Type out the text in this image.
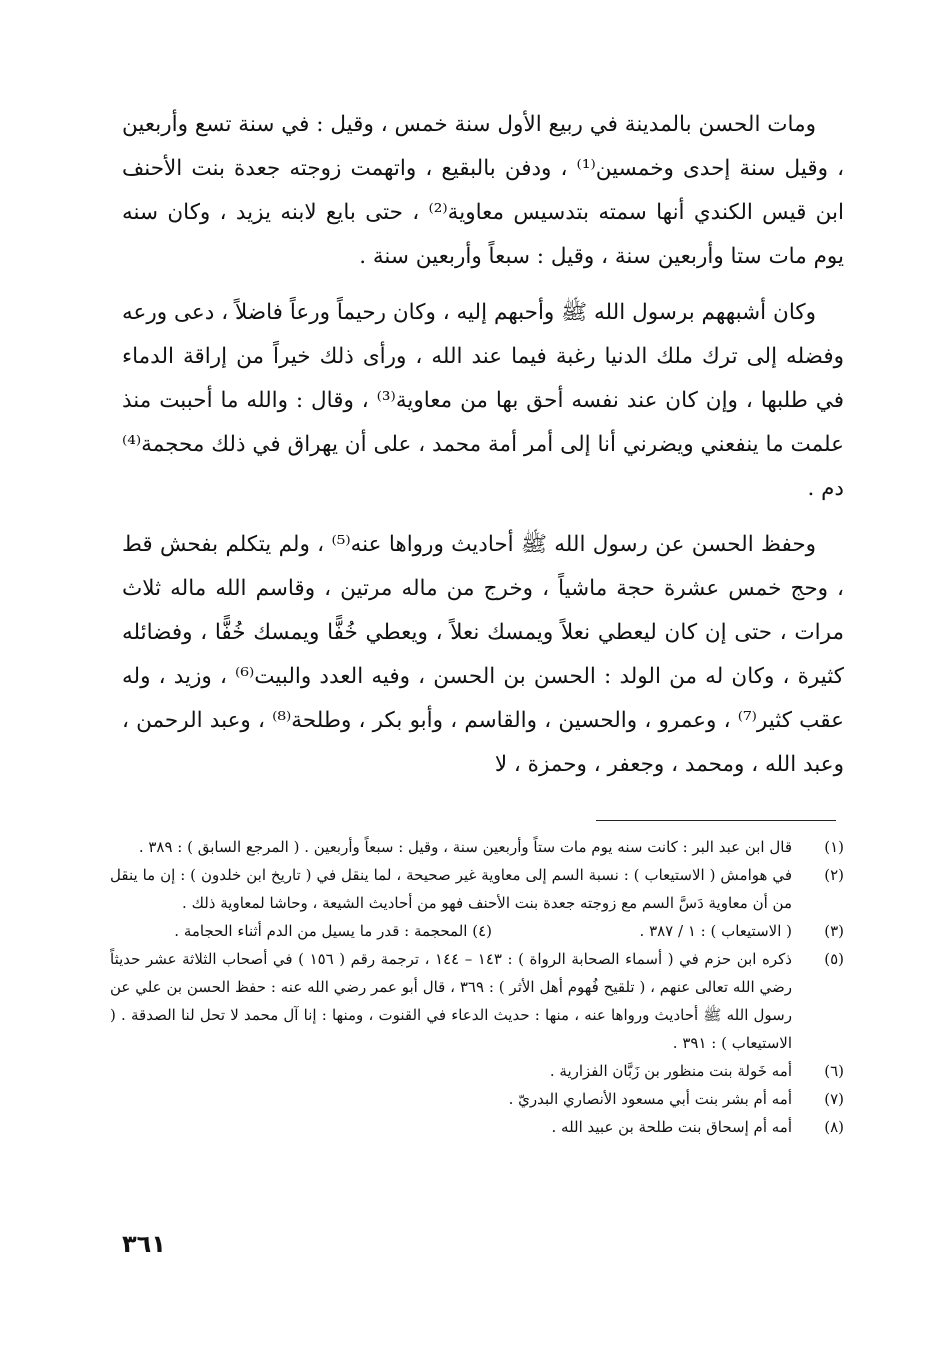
ومات الحسن بالمدينة في ربيع الأول سنة خمس ، وقيل : في سنة تسع وأربعين ، وقيل سنة إحدى وخمسين⁽¹⁾ ، ودفن بالبقيع ، واتهمت زوجته جعدة بنت الأحنف ابن قيس الكندي أنها سمته بتدسيس معاوية⁽²⁾ ، حتى بايع لابنه يزيد ، وكان سنه يوم مات ستا وأربعين سنة ، وقيل : سبعاً وأربعين سنة .

وكان أشبههم برسول الله ﷺ وأحبهم إليه ، وكان رحيماً ورعاً فاضلاً ، دعى ورعه وفضله إلى ترك ملك الدنيا رغبة فيما عند الله ، ورأى ذلك خيراً من إراقة الدماء في طلبها ، وإن كان عند نفسه أحق بها من معاوية⁽³⁾ ، وقال : والله ما أحببت منذ علمت ما ينفعني ويضرني أنا إلى أمر أمة محمد ، على أن يهراق في ذلك محجمة⁽⁴⁾ دم .

وحفظ الحسن عن رسول الله ﷺ أحاديث ورواها عنه⁽⁵⁾ ، ولم يتكلم بفحش قط ، وحج خمس عشرة حجة ماشياً ، وخرج من ماله مرتين ، وقاسم الله ماله ثلاث مرات ، حتى إن كان ليعطي نعلاً ويمسك نعلاً ، ويعطي خُفًّا ويمسك خُفًّا ، وفضائله كثيرة ، وكان له من الولد : الحسن بن الحسن ، وفيه العدد والبيت⁽⁶⁾ ، وزيد ، وله عقب كثير⁽⁷⁾ ، وعمرو ، والحسين ، والقاسم ، وأبو بكر ، وطلحة⁽⁸⁾ ، وعبد الرحمن ، وعبد الله ، ومحمد ، وجعفر ، وحمزة ، لا

(١)
قال ابن عبد البر : كانت سنه يوم مات ستاً وأربعين سنة ، وقيل : سبعاً وأربعين . ( المرجع السابق ) : ٣٨٩ .
(٢)
في هوامش ( الاستيعاب ) : نسبة السم إلى معاوية غير صحيحة ، لما ينقل في ( تاريخ ابن خلدون ) : إن ما ينقل من أن معاوية دَسَّ السم مع زوجته جعدة بنت الأحنف فهو من أحاديث الشيعة ، وحاشا لمعاوية ذلك .
(٣)
( الاستيعاب ) : ١ / ٣٨٧ .
(٤) المحجمة : قدر ما يسيل من الدم أثناء الحجامة .
(٥)
ذكره ابن حزم في ( أسماء الصحابة الرواة ) : ١٤٣ – ١٤٤ ، ترجمة رقم ( ١٥٦ ) في أصحاب الثلاثة عشر حديثاً رضي الله تعالى عنهم ، ( تلقيح فُهوم أهل الأثر ) : ٣٦٩ ، قال أبو عمر رضي الله عنه : حفظ الحسن بن علي عن رسول الله ﷺ أحاديث ورواها عنه ، منها : حديث الدعاء في القنوت ، ومنها : إنا آل محمد لا تحل لنا الصدقة . ( الاستيعاب ) : ٣٩١ .
(٦)
أمه خَولة بنت منظور بن زَبَّان الفزارية .
(٧)
أمه أم بشر بنت أبي مسعود الأنصاري البدريّ .
(٨)
أمه أم إسحاق بنت طلحة بن عبيد الله .
٣٦١
